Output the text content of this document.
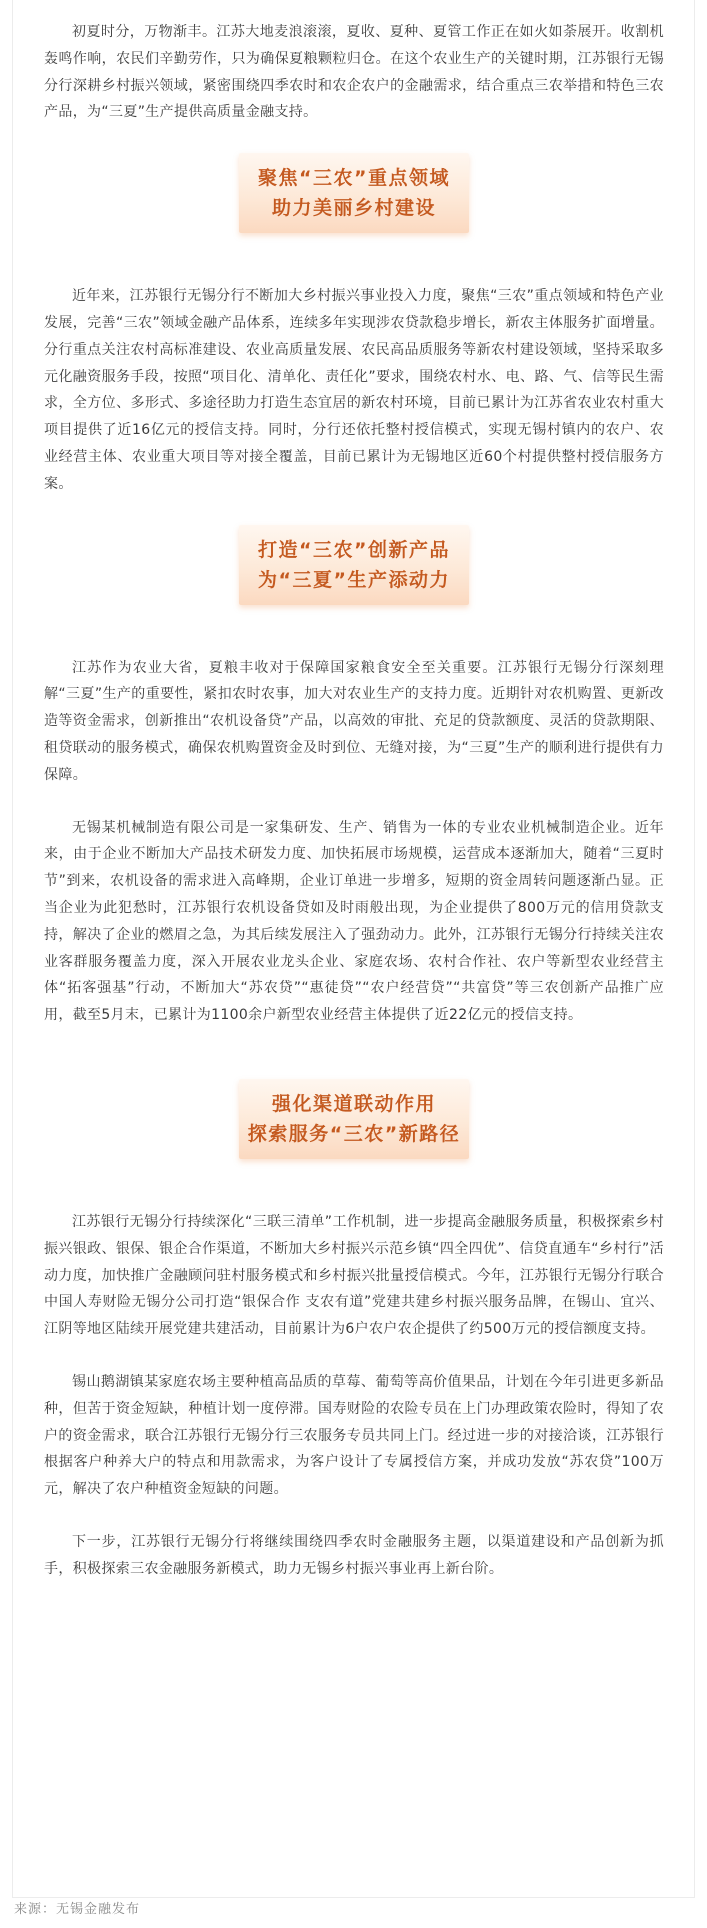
初夏时分，万物渐丰。江苏大地麦浪滚滚，夏收、夏种、夏管工作正在如火如荼展开。收割机轰鸣作响，农民们辛勤劳作，只为确保夏粮颗粒归仓。在这个农业生产的关键时期，江苏银行无锡分行深耕乡村振兴领域，紧密围绕四季农时和农企农户的金融需求，结合重点三农举措和特色三农产品，为“三夏”生产提供高质量金融支持。

聚焦“三农”重点领域
助力美丽乡村建设

近年来，江苏银行无锡分行不断加大乡村振兴事业投入力度，聚焦“三农”重点领域和特色产业发展，完善“三农”领域金融产品体系，连续多年实现涉农贷款稳步增长，新农主体服务扩面增量。分行重点关注农村高标准建设、农业高质量发展、农民高品质服务等新农村建设领域，坚持采取多元化融资服务手段，按照“项目化、清单化、责任化”要求，围绕农村水、电、路、气、信等民生需求，全方位、多形式、多途径助力打造生态宜居的新农村环境，目前已累计为江苏省农业农村重大项目提供了近16亿元的授信支持。同时，分行还依托整村授信模式，实现无锡村镇内的农户、农业经营主体、农业重大项目等对接全覆盖，目前已累计为无锡地区近60个村提供整村授信服务方案。

打造“三农”创新产品
为“三夏”生产添动力

江苏作为农业大省，夏粮丰收对于保障国家粮食安全至关重要。江苏银行无锡分行深刻理解“三夏”生产的重要性，紧扣农时农事，加大对农业生产的支持力度。近期针对农机购置、更新改造等资金需求，创新推出“农机设备贷”产品，以高效的审批、充足的贷款额度、灵活的贷款期限、租贷联动的服务模式，确保农机购置资金及时到位、无缝对接，为“三夏”生产的顺利进行提供有力保障。

无锡某机械制造有限公司是一家集研发、生产、销售为一体的专业农业机械制造企业。近年来，由于企业不断加大产品技术研发力度、加快拓展市场规模，运营成本逐渐加大，随着“三夏时节”到来，农机设备的需求进入高峰期，企业订单进一步增多，短期的资金周转问题逐渐凸显。正当企业为此犯愁时，江苏银行农机设备贷如及时雨般出现，为企业提供了800万元的信用贷款支持，解决了企业的燃眉之急，为其后续发展注入了强劲动力。此外，江苏银行无锡分行持续关注农业客群服务覆盖力度，深入开展农业龙头企业、家庭农场、农村合作社、农户等新型农业经营主体“拓客强基”行动，不断加大“苏农贷”“惠徒贷”“农户经营贷”“共富贷”等三农创新产品推广应用，截至5月末，已累计为1100余户新型农业经营主体提供了近22亿元的授信支持。

强化渠道联动作用
探索服务“三农”新路径

江苏银行无锡分行持续深化“三联三清单”工作机制，进一步提高金融服务质量，积极探索乡村振兴银政、银保、银企合作渠道，不断加大乡村振兴示范乡镇“四全四优”、信贷直通车“乡村行”活动力度，加快推广金融顾问驻村服务模式和乡村振兴批量授信模式。今年，江苏银行无锡分行联合中国人寿财险无锡分公司打造“银保合作 支农有道”党建共建乡村振兴服务品牌，在锡山、宜兴、江阴等地区陆续开展党建共建活动，目前累计为6户农户农企提供了约500万元的授信额度支持。

锡山鹅湖镇某家庭农场主要种植高品质的草莓、葡萄等高价值果品，计划在今年引进更多新品种，但苦于资金短缺，种植计划一度停滞。国寿财险的农险专员在上门办理政策农险时，得知了农户的资金需求，联合江苏银行无锡分行三农服务专员共同上门。经过进一步的对接洽谈，江苏银行根据客户种养大户的特点和用款需求，为客户设计了专属授信方案，并成功发放“苏农贷”100万元，解决了农户种植资金短缺的问题。

下一步，江苏银行无锡分行将继续围绕四季农时金融服务主题，以渠道建设和产品创新为抓手，积极探索三农金融服务新模式，助力无锡乡村振兴事业再上新台阶。

来源：无锡金融发布
